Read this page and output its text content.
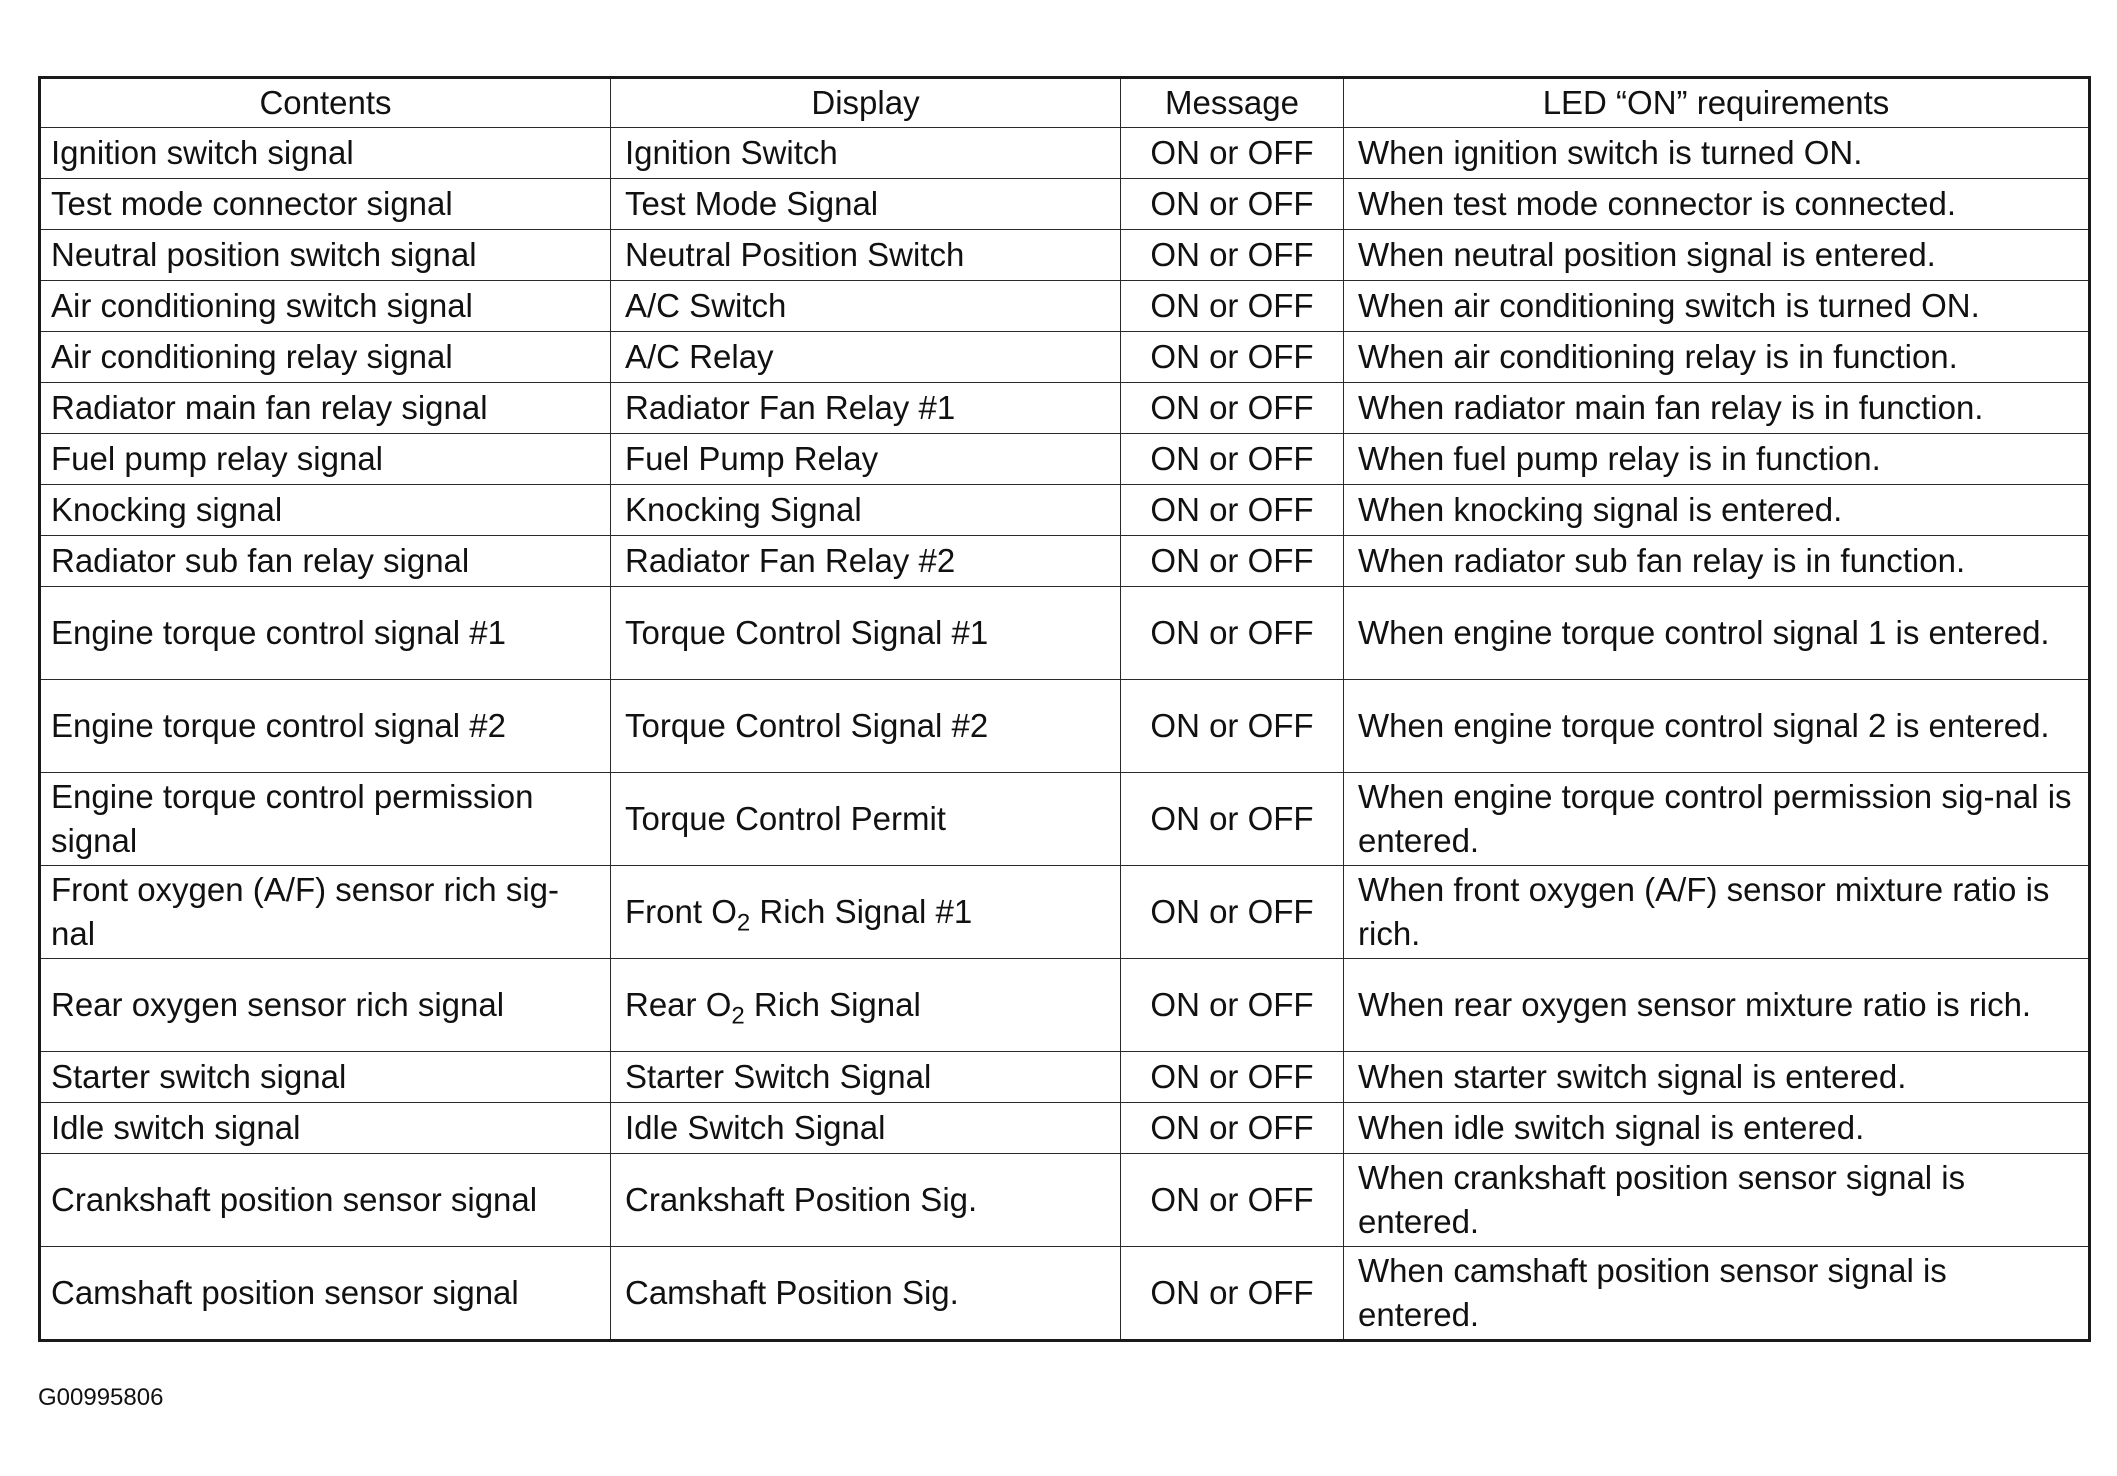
Contents	Display	Message	LED “ON” requirements
Ignition switch signal	Ignition Switch	ON or OFF	When ignition switch is turned ON.
Test mode connector signal	Test Mode Signal	ON or OFF	When test mode connector is connected.
Neutral position switch signal	Neutral Position Switch	ON or OFF	When neutral position signal is entered.
Air conditioning switch signal	A/C Switch	ON or OFF	When air conditioning switch is turned ON.
Air conditioning relay signal	A/C Relay	ON or OFF	When air conditioning relay is in function.
Radiator main fan relay signal	Radiator Fan Relay #1	ON or OFF	When radiator main fan relay is in function.
Fuel pump relay signal	Fuel Pump Relay	ON or OFF	When fuel pump relay is in function.
Knocking signal	Knocking Signal	ON or OFF	When knocking signal is entered.
Radiator sub fan relay signal	Radiator Fan Relay #2	ON or OFF	When radiator sub fan relay is in function.
Engine torque control signal #1	Torque Control Signal #1	ON or OFF	When engine torque control signal 1 is entered.
Engine torque control signal #2	Torque Control Signal #2	ON or OFF	When engine torque control signal 2 is entered.
Engine torque control permission signal	Torque Control Permit	ON or OFF	When engine torque control permission sig-nal is entered.
Front oxygen (A/F) sensor rich sig-nal	Front $O_2$ Rich Signal #1	ON or OFF	When front oxygen (A/F) sensor mixture ratio is rich.
Rear oxygen sensor rich signal	Rear $O_2$ Rich Signal	ON or OFF	When rear oxygen sensor mixture ratio is rich.
Starter switch signal	Starter Switch Signal	ON or OFF	When starter switch signal is entered.
Idle switch signal	Idle Switch Signal	ON or OFF	When idle switch signal is entered.
Crankshaft position sensor signal	Crankshaft Position Sig.	ON or OFF	When crankshaft position sensor signal is entered.
Camshaft position sensor signal	Camshaft Position Sig.	ON or OFF	When camshaft position sensor signal is entered.
G00995806
